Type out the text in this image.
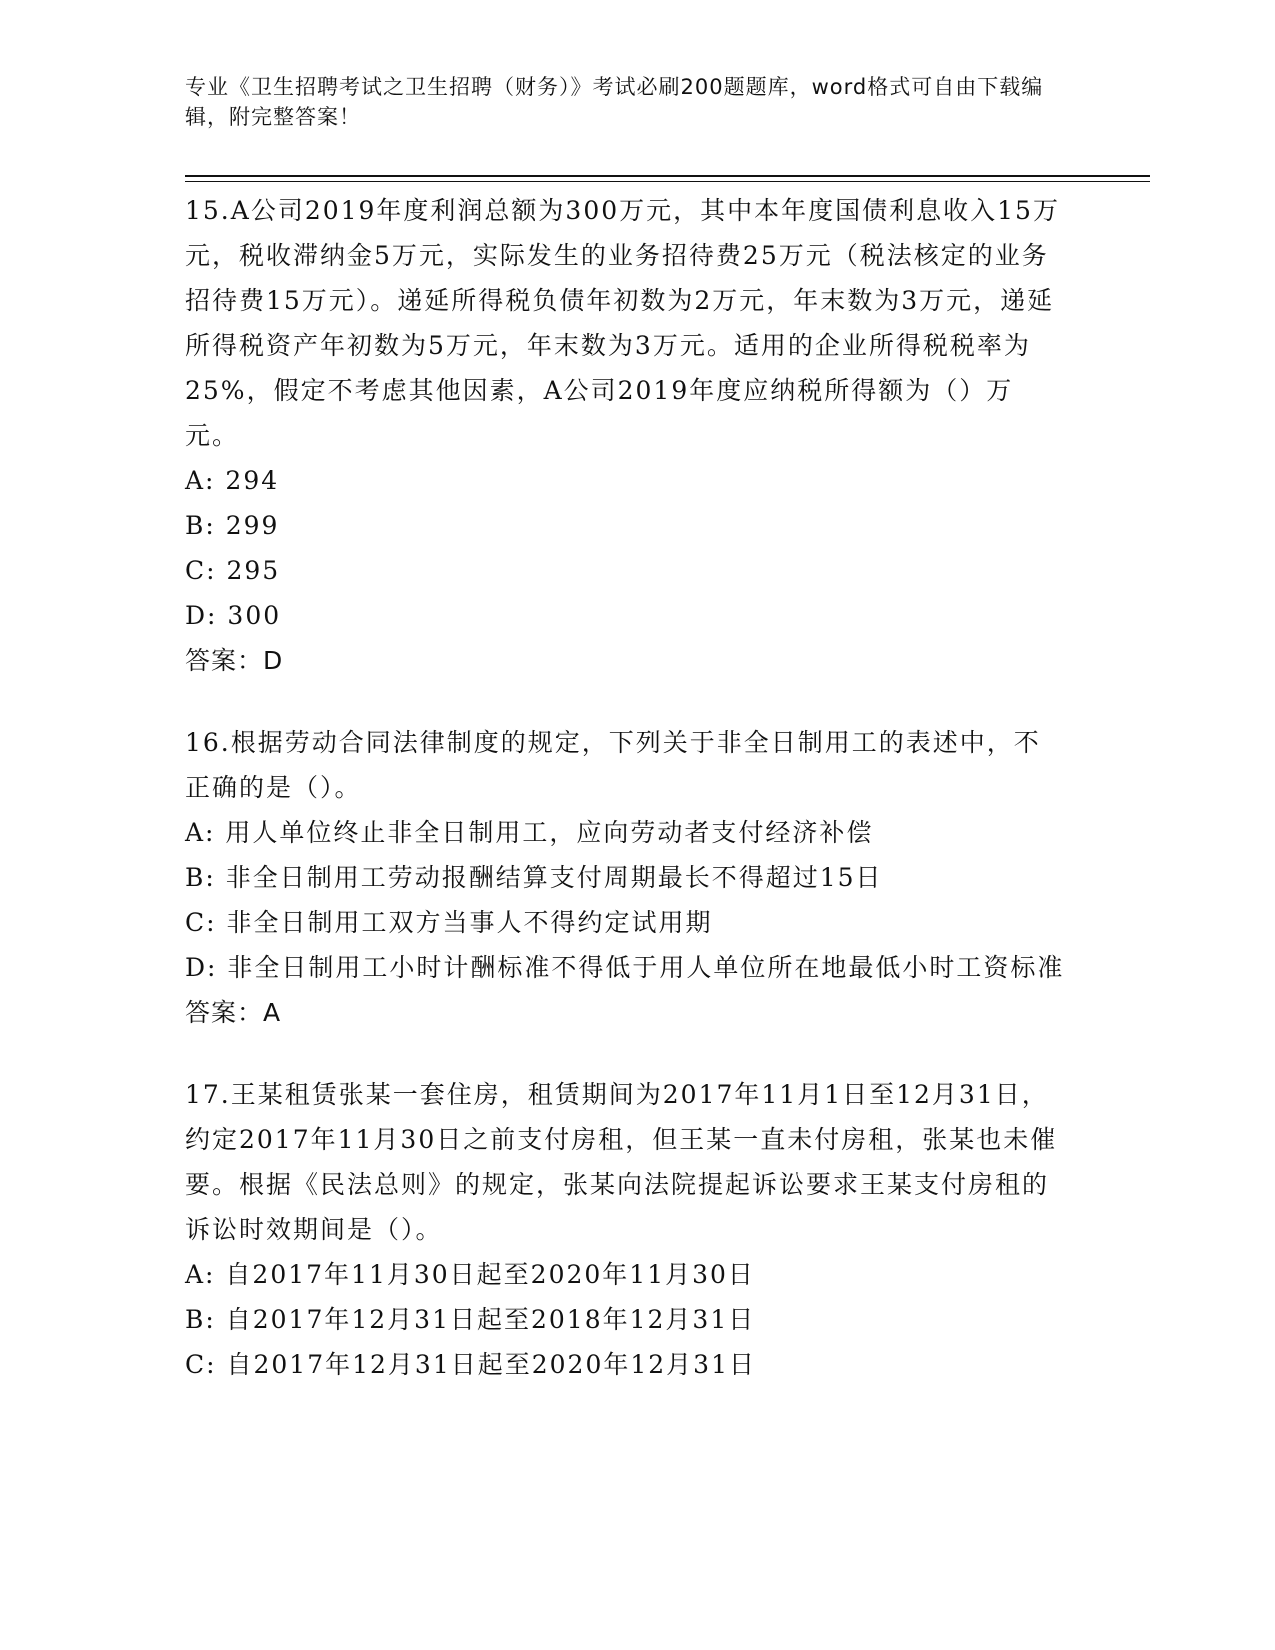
专业《卫生招聘考试之卫生招聘（财务）》考试必刷200题题库，word格式可自由下载编辑，附完整答案！
15.A公司2019年度利润总额为300万元，其中本年度国债利息收入15万元，税收滞纳金5万元，实际发生的业务招待费25万元（税法核定的业务招待费15万元）。递延所得税负债年初数为2万元，年末数为3万元，递延所得税资产年初数为5万元，年末数为3万元。适用的企业所得税税率为25%，假定不考虑其他因素，A公司2019年度应纳税所得额为（）万元。
A: 294
B: 299
C: 295
D: 300
答案：D
16.根据劳动合同法律制度的规定，下列关于非全日制用工的表述中，不正确的是（）。
A: 用人单位终止非全日制用工，应向劳动者支付经济补偿
B: 非全日制用工劳动报酬结算支付周期最长不得超过15日
C: 非全日制用工双方当事人不得约定试用期
D: 非全日制用工小时计酬标准不得低于用人单位所在地最低小时工资标准
答案：A
17.王某租赁张某一套住房，租赁期间为2017年11月1日至12月31日，约定2017年11月30日之前支付房租，但王某一直未付房租，张某也未催要。根据《民法总则》的规定，张某向法院提起诉讼要求王某支付房租的诉讼时效期间是（）。
A: 自2017年11月30日起至2020年11月30日
B: 自2017年12月31日起至2018年12月31日
C: 自2017年12月31日起至2020年12月31日
